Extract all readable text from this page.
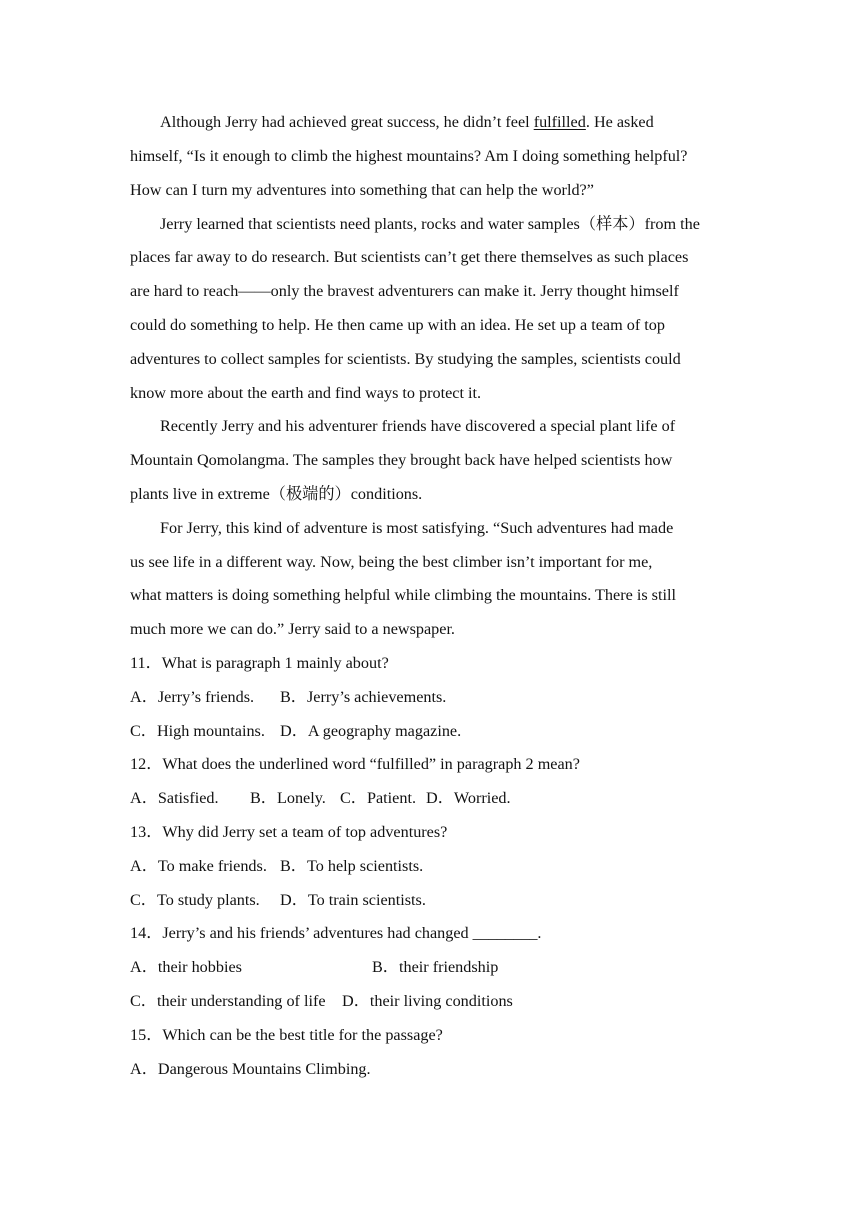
Although Jerry had achieved great success, he didn’t feel fulfilled. He asked
himself, “Is it enough to climb the highest mountains? Am I doing something helpful?
How can I turn my adventures into something that can help the world?”
Jerry learned that scientists need plants, rocks and water samples（样本）from the
places far away to do research. But scientists can’t get there themselves as such places
are hard to reach——only the bravest adventurers can make it. Jerry thought himself
could do something to help. He then came up with an idea. He set up a team of top
adventures to collect samples for scientists. By studying the samples, scientists could
know more about the earth and find ways to protect it.
Recently Jerry and his adventurer friends have discovered a special plant life of
Mountain Qomolangma. The samples they brought back have helped scientists how
plants live in extreme（极端的）conditions.
For Jerry, this kind of adventure is most satisfying. “Such adventures had made
us see life in a different way. Now, being the best climber isn’t important for me,
what matters is doing something helpful while climbing the mountains. There is still
much more we can do.” Jerry said to a newspaper.
11．What is paragraph 1 mainly about?
A．Jerry’s friends. B．Jerry’s achievements.
C．High mountains. D．A geography magazine.
12．What does the underlined word “fulfilled” in paragraph 2 mean?
A．Satisfied. B．Lonely. C．Patient. D．Worried.
13．Why did Jerry set a team of top adventures?
A．To make friends. B．To help scientists.
C．To study plants. D．To train scientists.
14．Jerry’s and his friends’ adventures had changed ________.
A．their hobbies	B．their friendship
C．their understanding of life D．their living conditions
15．Which can be the best title for the passage?
A．Dangerous Mountains Climbing.
